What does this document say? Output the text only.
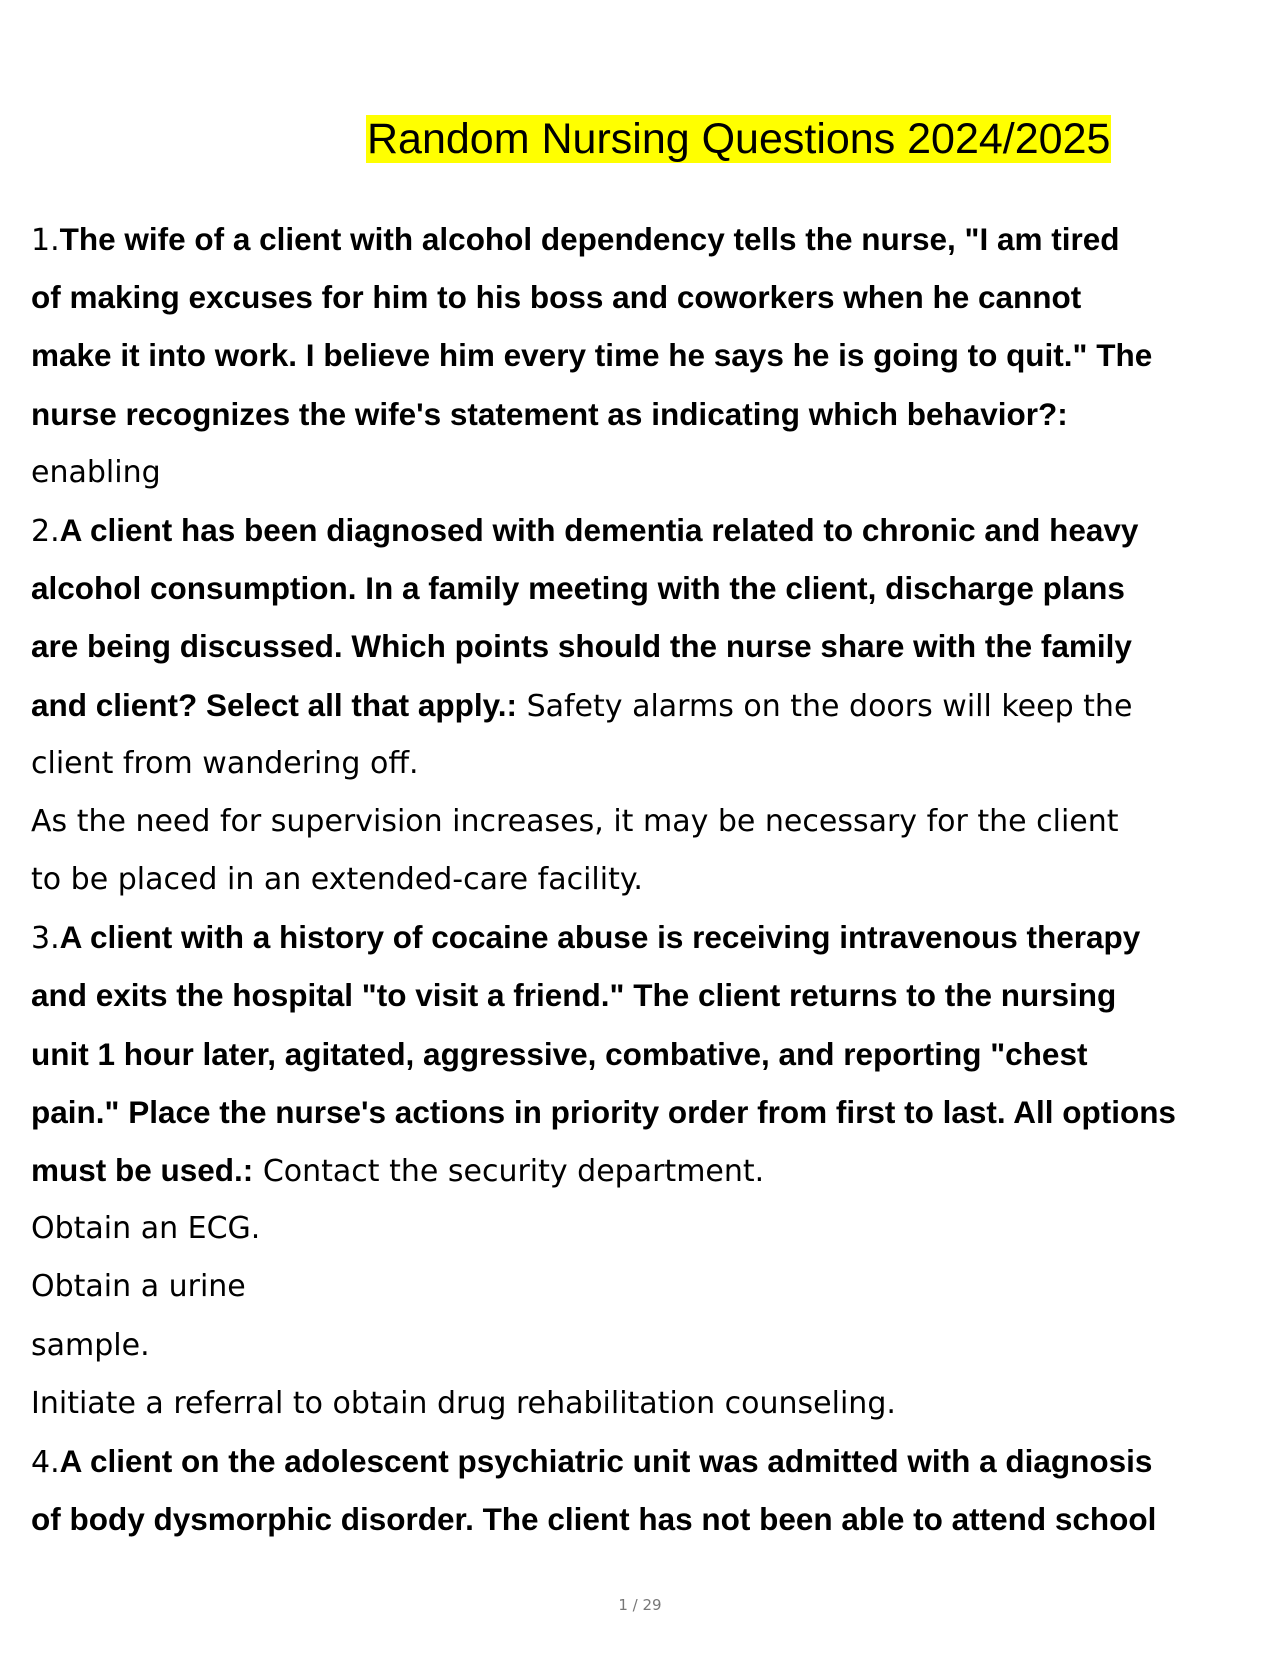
Random Nursing Questions 2024/2025
1.The wife of a client with alcohol dependency tells the nurse, "I am tired
of making excuses for him to his boss and coworkers when he cannot
make it into work. I believe him every time he says he is going to quit." The
nurse recognizes the wife's statement as indicating which behavior?:
enabling
2.A client has been diagnosed with dementia related to chronic and heavy
alcohol consumption. In a family meeting with the client, discharge plans
are being discussed. Which points should the nurse share with the family
and client? Select all that apply.: Safety alarms on the doors will keep the
client from wandering off.
As the need for supervision increases, it may be necessary for the client
to be placed in an extended-care facility.
3.A client with a history of cocaine abuse is receiving intravenous therapy
and exits the hospital "to visit a friend." The client returns to the nursing
unit 1 hour later, agitated, aggressive, combative, and reporting "chest
pain." Place the nurse's actions in priority order from first to last. All options
must be used.: Contact the security department.
Obtain an ECG.
Obtain a urine
sample.
Initiate a referral to obtain drug rehabilitation counseling.
4.A client on the adolescent psychiatric unit was admitted with a diagnosis
of body dysmorphic disorder. The client has not been able to attend school
1 / 29
